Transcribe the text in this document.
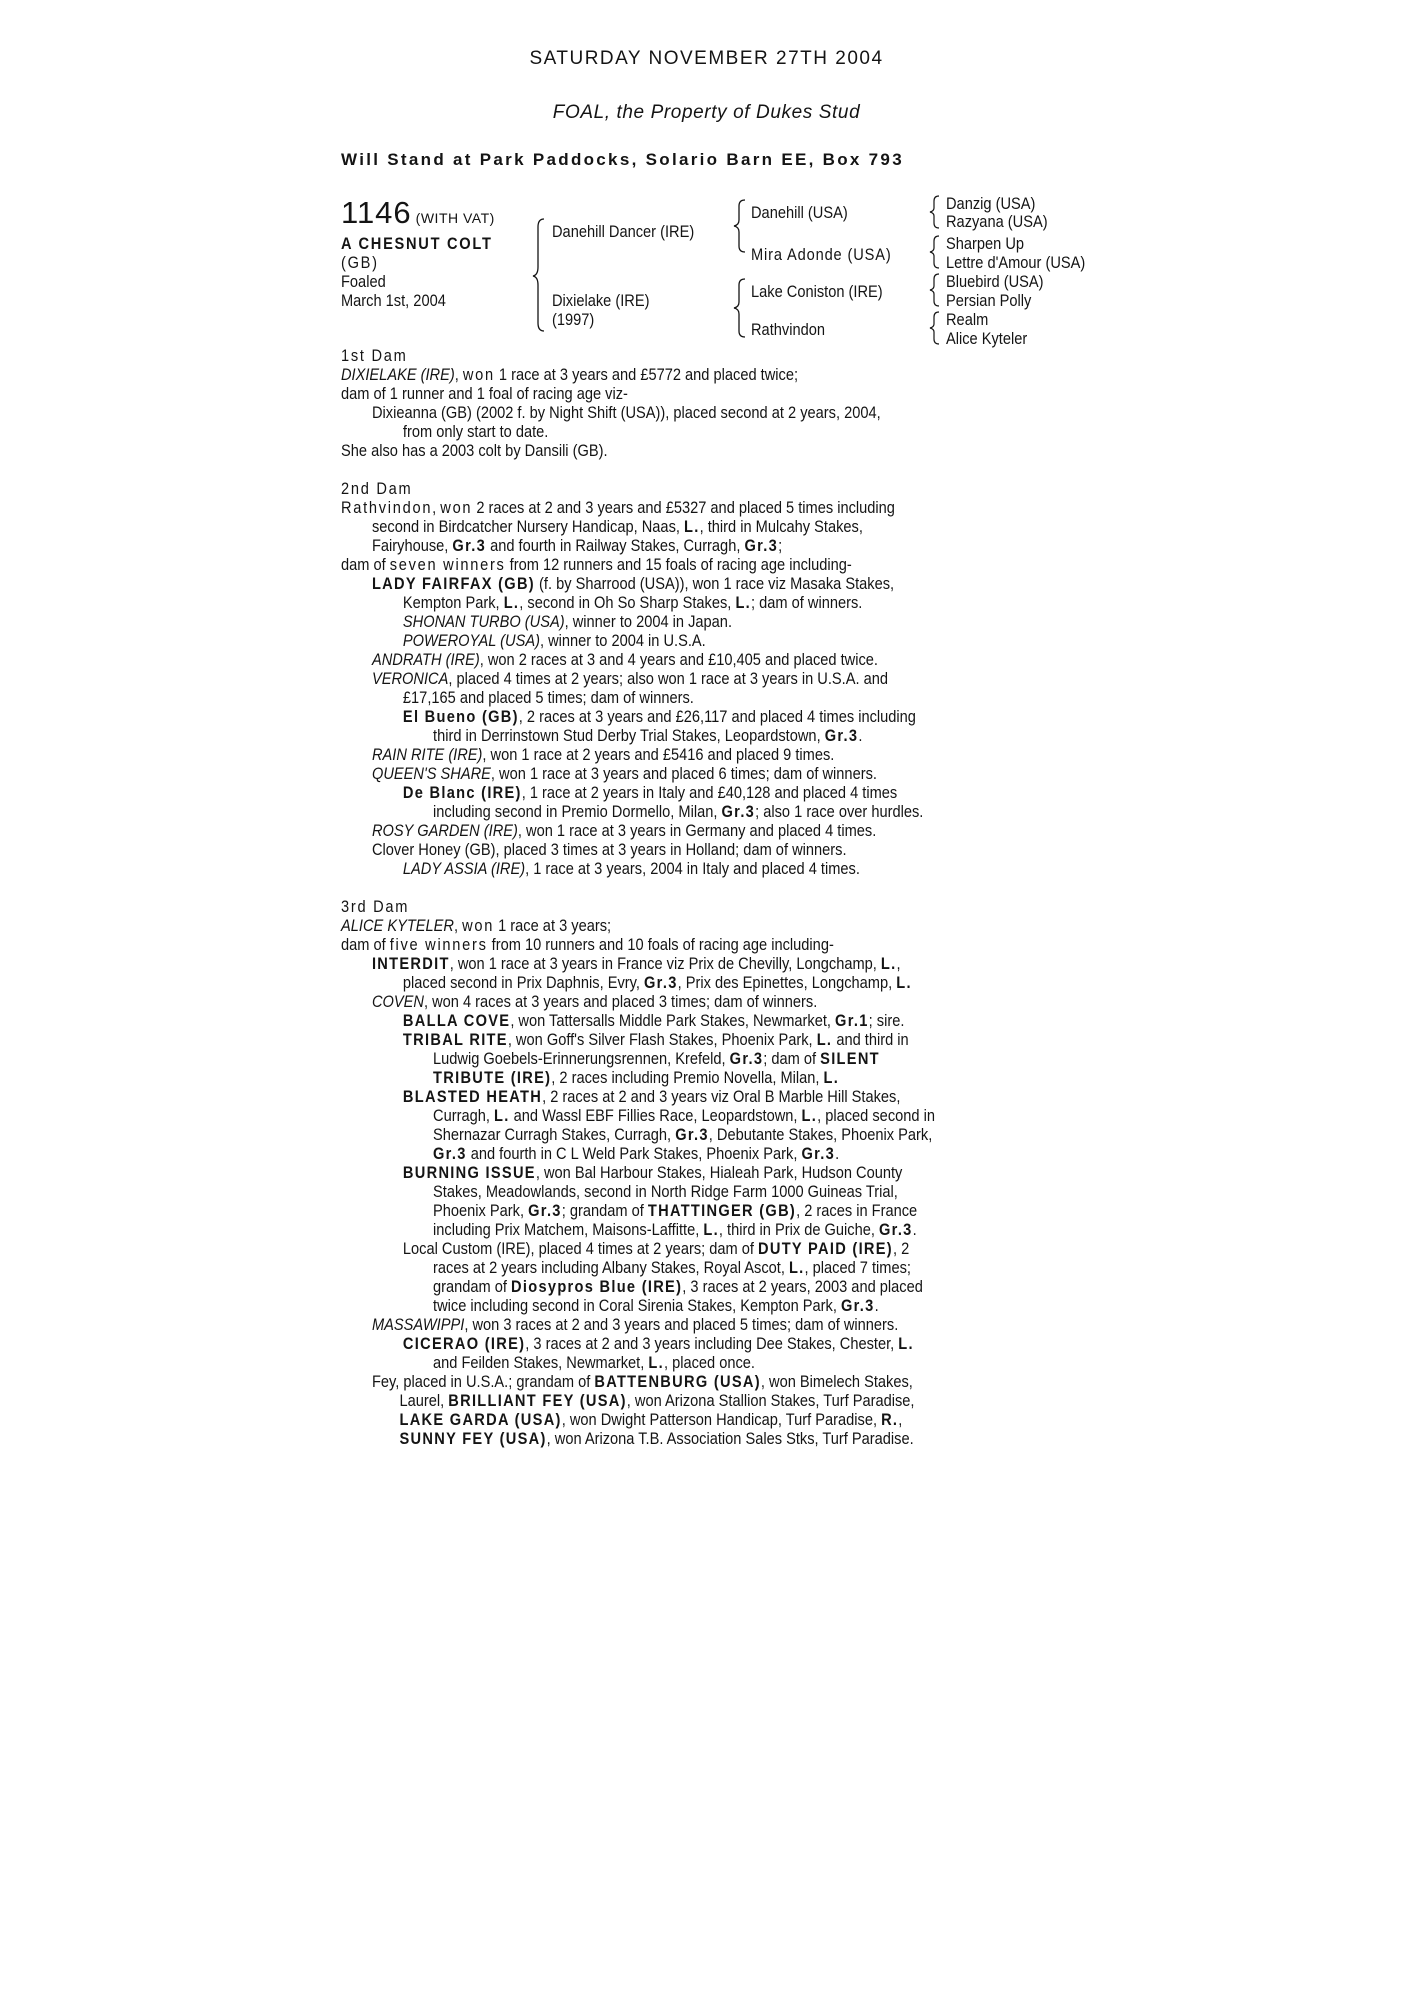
SATURDAY NOVEMBER 27TH 2004
FOAL, the Property of Dukes Stud
Will Stand at Park Paddocks, Solario Barn EE, Box 793
1146 (WITH VAT)
A CHESNUT COLT
(GB)
Foaled
March 1st, 2004
Danehill Dancer (IRE)
Dixielake (IRE)
(1997)
Danehill (USA)
Mira Adonde (USA)
Lake Coniston (IRE)
Rathvindon
Danzig (USA)
Razyana (USA)
Sharpen Up
Lettre d'Amour (USA)
Bluebird (USA)
Persian Polly
Realm
Alice Kyteler
1st Dam
DIXIELAKE (IRE), won 1 race at 3 years and £5772 and placed twice;
dam of 1 runner and 1 foal of racing age viz-
Dixieanna (GB) (2002 f. by Night Shift (USA)), placed second at 2 years, 2004,
from only start to date.
She also has a 2003 colt by Dansili (GB).
2nd Dam
Rathvindon, won 2 races at 2 and 3 years and £5327 and placed 5 times including
second in Birdcatcher Nursery Handicap, Naas, L., third in Mulcahy Stakes,
Fairyhouse, Gr.3 and fourth in Railway Stakes, Curragh, Gr.3;
dam of seven winners from 12 runners and 15 foals of racing age including-
LADY FAIRFAX (GB) (f. by Sharrood (USA)), won 1 race viz Masaka Stakes,
Kempton Park, L., second in Oh So Sharp Stakes, L.; dam of winners.
SHONAN TURBO (USA), winner to 2004 in Japan.
POWEROYAL (USA), winner to 2004 in U.S.A.
ANDRATH (IRE), won 2 races at 3 and 4 years and £10,405 and placed twice.
VERONICA, placed 4 times at 2 years; also won 1 race at 3 years in U.S.A. and
£17,165 and placed 5 times; dam of winners.
El Bueno (GB), 2 races at 3 years and £26,117 and placed 4 times including
third in Derrinstown Stud Derby Trial Stakes, Leopardstown, Gr.3.
RAIN RITE (IRE), won 1 race at 2 years and £5416 and placed 9 times.
QUEEN'S SHARE, won 1 race at 3 years and placed 6 times; dam of winners.
De Blanc (IRE), 1 race at 2 years in Italy and £40,128 and placed 4 times
including second in Premio Dormello, Milan, Gr.3; also 1 race over hurdles.
ROSY GARDEN (IRE), won 1 race at 3 years in Germany and placed 4 times.
Clover Honey (GB), placed 3 times at 3 years in Holland; dam of winners.
LADY ASSIA (IRE), 1 race at 3 years, 2004 in Italy and placed 4 times.
3rd Dam
ALICE KYTELER, won 1 race at 3 years;
dam of five winners from 10 runners and 10 foals of racing age including-
INTERDIT, won 1 race at 3 years in France viz Prix de Chevilly, Longchamp, L.,
placed second in Prix Daphnis, Evry, Gr.3, Prix des Epinettes, Longchamp, L.
COVEN, won 4 races at 3 years and placed 3 times; dam of winners.
BALLA COVE, won Tattersalls Middle Park Stakes, Newmarket, Gr.1; sire.
TRIBAL RITE, won Goff's Silver Flash Stakes, Phoenix Park, L. and third in
Ludwig Goebels-Erinnerungsrennen, Krefeld, Gr.3; dam of SILENT
TRIBUTE (IRE), 2 races including Premio Novella, Milan, L.
BLASTED HEATH, 2 races at 2 and 3 years viz Oral B Marble Hill Stakes,
Curragh, L. and Wassl EBF Fillies Race, Leopardstown, L., placed second in
Shernazar Curragh Stakes, Curragh, Gr.3, Debutante Stakes, Phoenix Park,
Gr.3 and fourth in C L Weld Park Stakes, Phoenix Park, Gr.3.
BURNING ISSUE, won Bal Harbour Stakes, Hialeah Park, Hudson County
Stakes, Meadowlands, second in North Ridge Farm 1000 Guineas Trial,
Phoenix Park, Gr.3; grandam of THATTINGER (GB), 2 races in France
including Prix Matchem, Maisons-Laffitte, L., third in Prix de Guiche, Gr.3.
Local Custom (IRE), placed 4 times at 2 years; dam of DUTY PAID (IRE), 2
races at 2 years including Albany Stakes, Royal Ascot, L., placed 7 times;
grandam of Diosypros Blue (IRE), 3 races at 2 years, 2003 and placed
twice including second in Coral Sirenia Stakes, Kempton Park, Gr.3.
MASSAWIPPI, won 3 races at 2 and 3 years and placed 5 times; dam of winners.
CICERAO (IRE), 3 races at 2 and 3 years including Dee Stakes, Chester, L.
and Feilden Stakes, Newmarket, L., placed once.
Fey, placed in U.S.A.; grandam of BATTENBURG (USA), won Bimelech Stakes,
Laurel, BRILLIANT FEY (USA), won Arizona Stallion Stakes, Turf Paradise,
LAKE GARDA (USA), won Dwight Patterson Handicap, Turf Paradise, R.,
SUNNY FEY (USA), won Arizona T.B. Association Sales Stks, Turf Paradise.
